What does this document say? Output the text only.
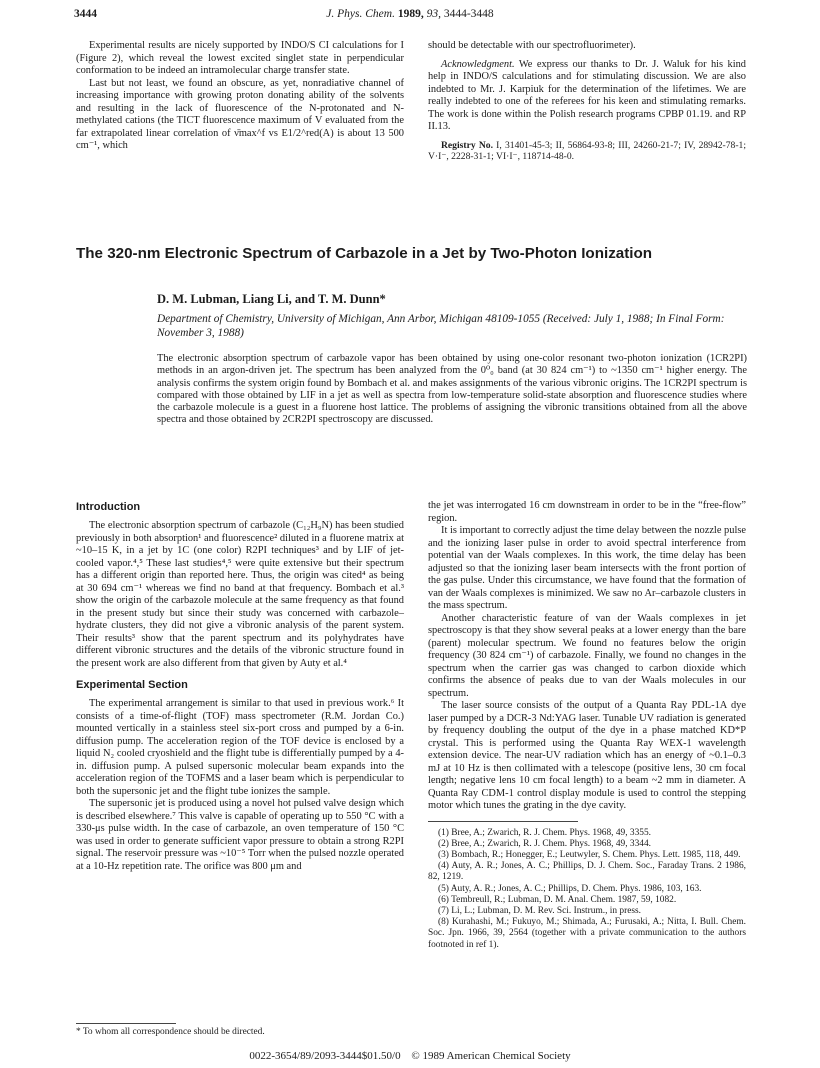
3444	J. Phys. Chem. 1989, 93, 3444-3448

Experimental results are nicely supported by INDO/S CI calculations for I (Figure 2), which reveal the lowest excited singlet state in perpendicular conformation to be indeed an intramolecular charge transfer state.

Last but not least, we found an obscure, as yet, nonradiative channel of increasing importance with growing proton donating ability of the solvents and resulting in the lack of fluorescence of the N-protonated and N-methylated cations (the TICT fluorescence maximum of V evaluated from the far extrapolated linear correlation of ν̄max^f vs E1/2^red(A) is about 13 500 cm⁻¹, which

should be detectable with our spectrofluorimeter).

Acknowledgment. We express our thanks to Dr. J. Waluk for his kind help in INDO/S calculations and for stimulating discussion. We are also indebted to Mr. J. Karpiuk for the determination of the lifetimes. We are really indebted to one of the referees for his keen and stimulating remarks. The work is done within the Polish research programs CPBP 01.19. and RP II.13.

Registry No. I, 31401-45-3; II, 56864-93-8; III, 24260-21-7; IV, 28942-78-1; V·I⁻, 2228-31-1; VI·I⁻, 118714-48-0.

The 320-nm Electronic Spectrum of Carbazole in a Jet by Two-Photon Ionization
D. M. Lubman, Liang Li, and T. M. Dunn*
Department of Chemistry, University of Michigan, Ann Arbor, Michigan 48109-1055 (Received: July 1, 1988; In Final Form: November 3, 1988)
The electronic absorption spectrum of carbazole vapor has been obtained by using one-color resonant two-photon ionization (1CR2PI) methods in an argon-driven jet. The spectrum has been analyzed from the 0⁰₀ band (at 30 824 cm⁻¹) to ~1350 cm⁻¹ higher energy. The analysis confirms the system origin found by Bombach et al. and makes assignments of the various vibronic origins. The 1CR2PI spectrum is compared with those obtained by LIF in a jet as well as spectra from low-temperature solid-state absorption and fluorescence studies where the carbazole molecule is a guest in a fluorene host lattice. The problems of assigning the vibronic transitions obtained from all the above spectra and those obtained by 2CR2PI spectroscopy are discussed.
Introduction

The electronic absorption spectrum of carbazole (C₁₂H₉N) has been studied previously in both absorption¹ and fluorescence² diluted in a fluorene matrix at ~10–15 K, in a jet by 1C (one color) R2PI techniques³ and by LIF of jet-cooled vapor.⁴,⁵ These last studies⁴,⁵ were quite extensive but their spectrum has a different origin than reported here. Thus, the origin was cited⁴ as being at 30 694 cm⁻¹ whereas we find no band at that frequency. Bombach et al.³ show the origin of the carbazole molecule at the same frequency as that found in the present study but since their study was concerned with carbazole–hydrate clusters, they did not give a vibronic analysis of the parent system. Their results³ show that the parent spectrum and its polyhydrates have different vibronic structures and the details of the vibronic structure found in the present work are also different from that given by Auty et al.⁴

Experimental Section

The experimental arrangement is similar to that used in previous work.⁶ It consists of a time-of-flight (TOF) mass spectrometer (R.M. Jordan Co.) mounted vertically in a stainless steel six-port cross and pumped by a 6-in. diffusion pump. The acceleration region of the TOF device is enclosed by a liquid N₂ cooled cryoshield and the flight tube is differentially pumped by a 4-in. diffusion pump. A pulsed supersonic molecular beam expands into the acceleration region of the TOFMS and a laser beam which is perpendicular to both the supersonic jet and the flight tube ionizes the sample.

The supersonic jet is produced using a novel hot pulsed valve design which is described elsewhere.⁷ This valve is capable of operating up to 550 °C with a 330-μs pulse width. In the case of carbazole, an oven temperature of 150 °C was used in order to generate sufficient vapor pressure to obtain a strong R2PI signal. The reservoir pressure was ~10⁻⁵ Torr when the pulsed nozzle operated at a 10-Hz repetition rate. The orifice was 800 μm and

the jet was interrogated 16 cm downstream in order to be in the “free-flow” region.

It is important to correctly adjust the time delay between the nozzle pulse and the ionizing laser pulse in order to avoid spectral interference from potential van der Waals complexes. In this work, the time delay has been adjusted so that the ionizing laser beam intersects with the front portion of the gas pulse. Under this circumstance, we have found that the formation of van der Waals complexes is minimized. We saw no Ar–carbazole clusters in the mass spectrum.

Another characteristic feature of van der Waals complexes in jet spectroscopy is that they show several peaks at a lower energy than the bare (parent) molecular spectrum. We found no features below the origin frequency (30 824 cm⁻¹) of carbazole. Finally, we found no changes in the spectrum when the carrier gas was changed to carbon dioxide which confirms the absence of peaks due to van der Waals molecules in our spectrum.

The laser source consists of the output of a Quanta Ray PDL-1A dye laser pumped by a DCR-3 Nd:YAG laser. Tunable UV radiation is generated by frequency doubling the output of the dye in a phase matched KD*P crystal. This is performed using the Quanta Ray WEX-1 wavelength extension device. The near-UV radiation which has an energy of ~0.1–0.3 mJ at 10 Hz is then collimated with a telescope (positive lens, 30 cm focal length; negative lens 10 cm focal length) to a beam ~2 mm in diameter. A Quanta Ray CDM-1 control display module is used to control the stepping motor which tunes the grating in the dye cavity.

(1) Bree, A.; Zwarich, R. J. Chem. Phys. 1968, 49, 3355.

(2) Bree, A.; Zwarich, R. J. Chem. Phys. 1968, 49, 3344.

(3) Bombach, R.; Honegger, E.; Leutwyler, S. Chem. Phys. Lett. 1985, 118, 449.

(4) Auty, A. R.; Jones, A. C.; Phillips, D. J. Chem. Soc., Faraday Trans. 2 1986, 82, 1219.

(5) Auty, A. R.; Jones, A. C.; Phillips, D. Chem. Phys. 1986, 103, 163.

(6) Tembreull, R.; Lubman, D. M. Anal. Chem. 1987, 59, 1082.

(7) Li, L.; Lubman, D. M. Rev. Sci. Instrum., in press.

(8) Kurahashi, M.; Fukuyo, M.; Shimada, A.; Furusaki, A.; Nitta, I. Bull. Chem. Soc. Jpn. 1966, 39, 2564 (together with a private communication to the authors footnoted in ref 1).

* To whom all correspondence should be directed.
0022-3654/89/2093-3444$01.50/0 © 1989 American Chemical Society
